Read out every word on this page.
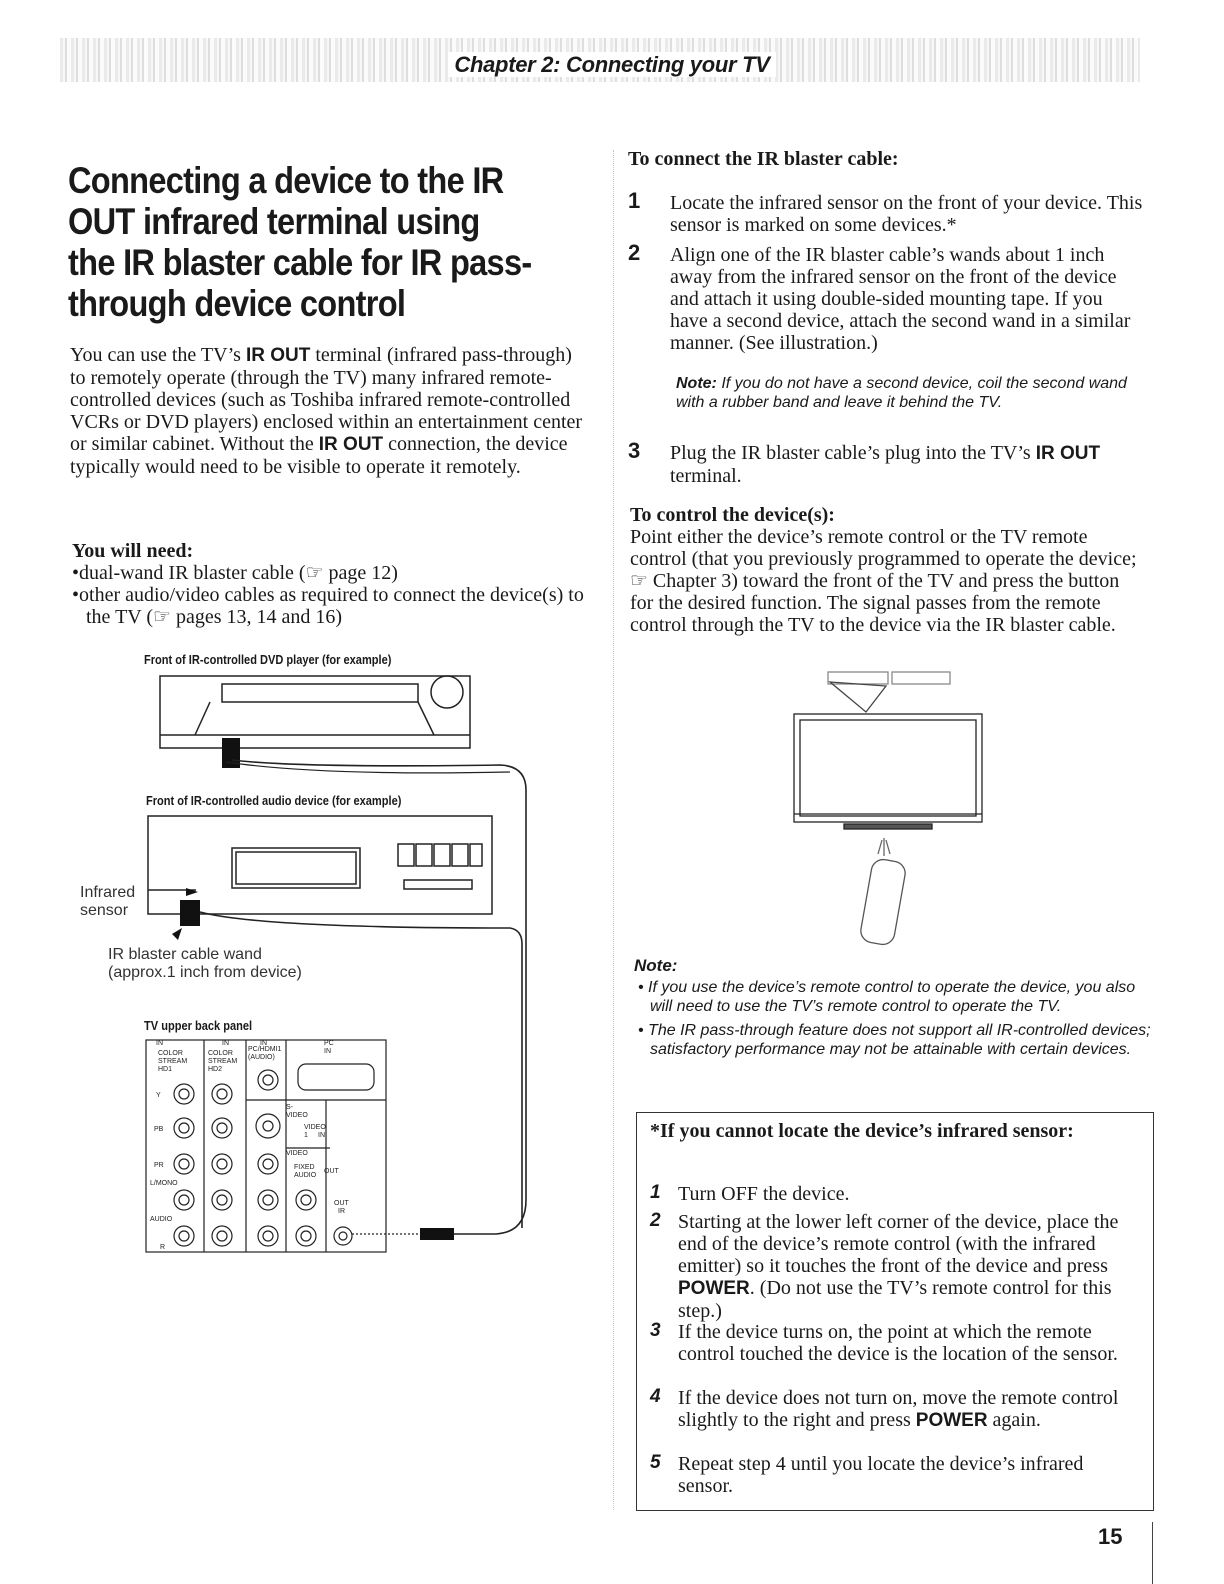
Chapter 2: Connecting your TV
Connecting a device to the IR OUT infrared terminal using the IR blaster cable for IR pass-through device control
You can use the TV’s IR OUT terminal (infrared pass-through) to remotely operate (through the TV) many infrared remote-controlled devices (such as Toshiba infrared remote-controlled VCRs or DVD players) enclosed within an entertainment center or similar cabinet. Without the IR OUT connection, the device typically would need to be visible to operate it remotely.
You will need:
•dual-wand IR blaster cable (☞ page 12)
•other audio/video cables as required to connect the device(s) to the TV (☞ pages 13, 14 and 16)
Front of IR-controlled DVD player (for example)
Front of IR-controlled audio device (for example)
Infrared
sensor
IR blaster cable wand
(approx.1 inch from device)
TV upper back panel
IN	IN	IN	PC IN
COLOR STREAM HD1
COLOR STREAM HD2
PC/HDMI1 (AUDIO)
Y
PB
PR
L/MONO
AUDIO
R
S-VIDEO
VIDEO 1	IN
VIDEO
FIXED
AUDIO
OUT
OUT
IR
To connect the IR blaster cable:
1 Locate the infrared sensor on the front of your device. This sensor is marked on some devices.*
2 Align one of the IR blaster cable’s wands about 1 inch away from the infrared sensor on the front of the device and attach it using double-sided mounting tape. If you have a second device, attach the second wand in a similar manner. (See illustration.)
Note: If you do not have a second device, coil the second wand with a rubber band and leave it behind the TV.
3 Plug the IR blaster cable’s plug into the TV’s IR OUT terminal.
To control the device(s):
Point either the device’s remote control or the TV remote control (that you previously programmed to operate the device; ☞ Chapter 3) toward the front of the TV and press the button for the desired function. The signal passes from the remote control through the TV to the device via the IR blaster cable.
Note:
• If you use the device’s remote control to operate the device, you also will need to use the TV’s remote control to operate the TV.
• The IR pass-through feature does not support all IR-controlled devices; satisfactory performance may not be attainable with certain devices.
*If you cannot locate the device’s infrared sensor:
1 Turn OFF the device.
2 Starting at the lower left corner of the device, place the end of the device’s remote control (with the infrared emitter) so it touches the front of the device and press POWER. (Do not use the TV’s remote control for this step.)
3 If the device turns on, the point at which the remote control touched the device is the location of the sensor.
4 If the device does not turn on, move the remote control slightly to the right and press POWER again.
5 Repeat step 4 until you locate the device’s infrared sensor.
15
